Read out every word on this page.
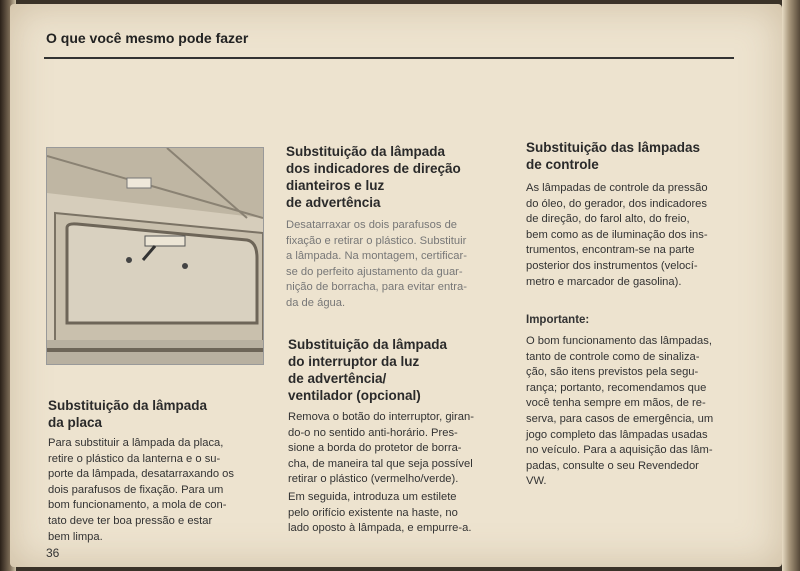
O que você mesmo pode fazer
Substituição da lâmpada
da placa

Para substituir a lâmpada da placa,
retire o plástico da lanterna e o su-
porte da lâmpada, desatarraxando os
dois parafusos de fixação. Para um
bom funcionamento, a mola de con-
tato deve ter boa pressão e estar
bem limpa.

Substituição da lâmpada
dos indicadores de direção
dianteiros e luz
de advertência

Desatarraxar os dois parafusos de
fixação e retirar o plástico. Substituir
a lâmpada. Na montagem, certificar-
se do perfeito ajustamento da guar-
nição de borracha, para evitar entra-
da de água.

Substituição da lâmpada
do interruptor da luz
de advertência/
ventilador (opcional)

Remova o botão do interruptor, giran-
do-o no sentido anti-horário. Pres-
sione a borda do protetor de borra-
cha, de maneira tal que seja possível
retirar o plástico (vermelho/verde).

Em seguida, introduza um estilete
pelo orifício existente na haste, no
lado oposto à lâmpada, e empurre-a.

Substituição das lâmpadas
de controle

As lâmpadas de controle da pressão
do óleo, do gerador, dos indicadores
de direção, do farol alto, do freio,
bem como as de iluminação dos ins-
trumentos, encontram-se na parte
posterior dos instrumentos (velocí-
metro e marcador de gasolina).

Importante:

O bom funcionamento das lâmpadas,
tanto de controle como de sinaliza-
ção, são itens previstos pela segu-
rança; portanto, recomendamos que
você tenha sempre em mãos, de re-
serva, para casos de emergência, um
jogo completo das lâmpadas usadas
no veículo. Para a aquisição das lâm-
padas, consulte o seu Revendedor
VW.

36
